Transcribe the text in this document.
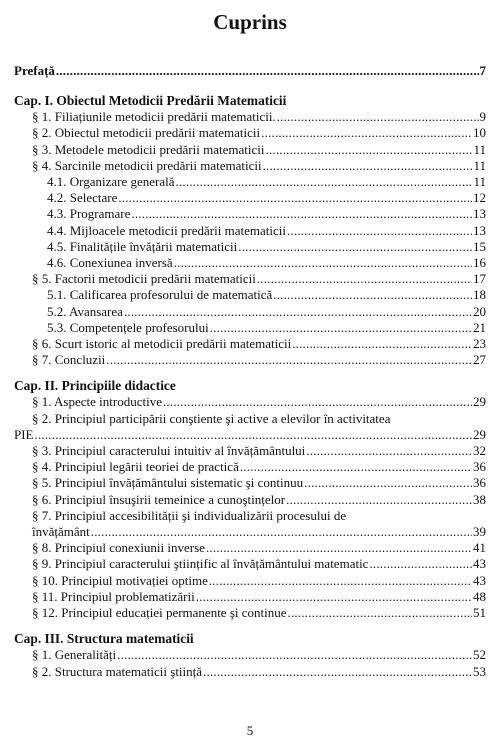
Cuprins
Prefață .....	7
Cap. I. Obiectul Metodicii Predării Matematicii
§ 1. Filiațiunile metodicii predării matematicii. .....	9
§ 2. Obiectul metodicii predării matematicii .....	10
§ 3. Metodele metodicii predării matematicii .....	11
§ 4. Sarcinile metodicii predării matematicii .....	11
4.1. Organizare generală .....	11
4.2. Selectare .....	12
4.3. Programare .....	13
4.4. Mijloacele metodicii predării matematicii .....	13
4.5. Finalitățile învățării matematicii .....	15
4.6. Conexiunea inversă .....	16
§ 5. Factorii metodicii predării matematicii .....	17
5.1. Calificarea profesorului de matematică .....	18
5.2. Avansarea .....	20
5.3. Competențele profesorului .....	21
§ 6. Scurt istoric al metodicii predării matematicii .....	23
§ 7. Concluzii .....	27
Cap. II. Principiile didactice
§ 1. Aspecte introductive .....	29
§ 2. Principiul participării conştiente şi active a elevilor în activitatea
PIE .....	29
§ 3. Principiul caracterului intuitiv al învățământului .....	32
§ 4. Principiul legării teoriei de practică .....	36
§ 5. Principiul învățământului sistematic şi continuu .....	36
§ 6. Principiul însuşirii temeinice a cunoştințelor .....	38
§ 7. Principiul accesibilității şi individualizării procesului de
învățământ .....	39
§ 8. Principiul conexiunii inverse .....	41
§ 9. Principiul caracterului ştiințific al învățământului matematic .....	43
§ 10. Principiul motivației optime .....	43
§ 11. Principiul problematizării .....	48
§ 12. Principiul educației permanente şi continue .....	51
Cap. III. Structura matematicii
§ 1. Generalități .....	52
§ 2. Structura matematicii ştiință .....	53
5
